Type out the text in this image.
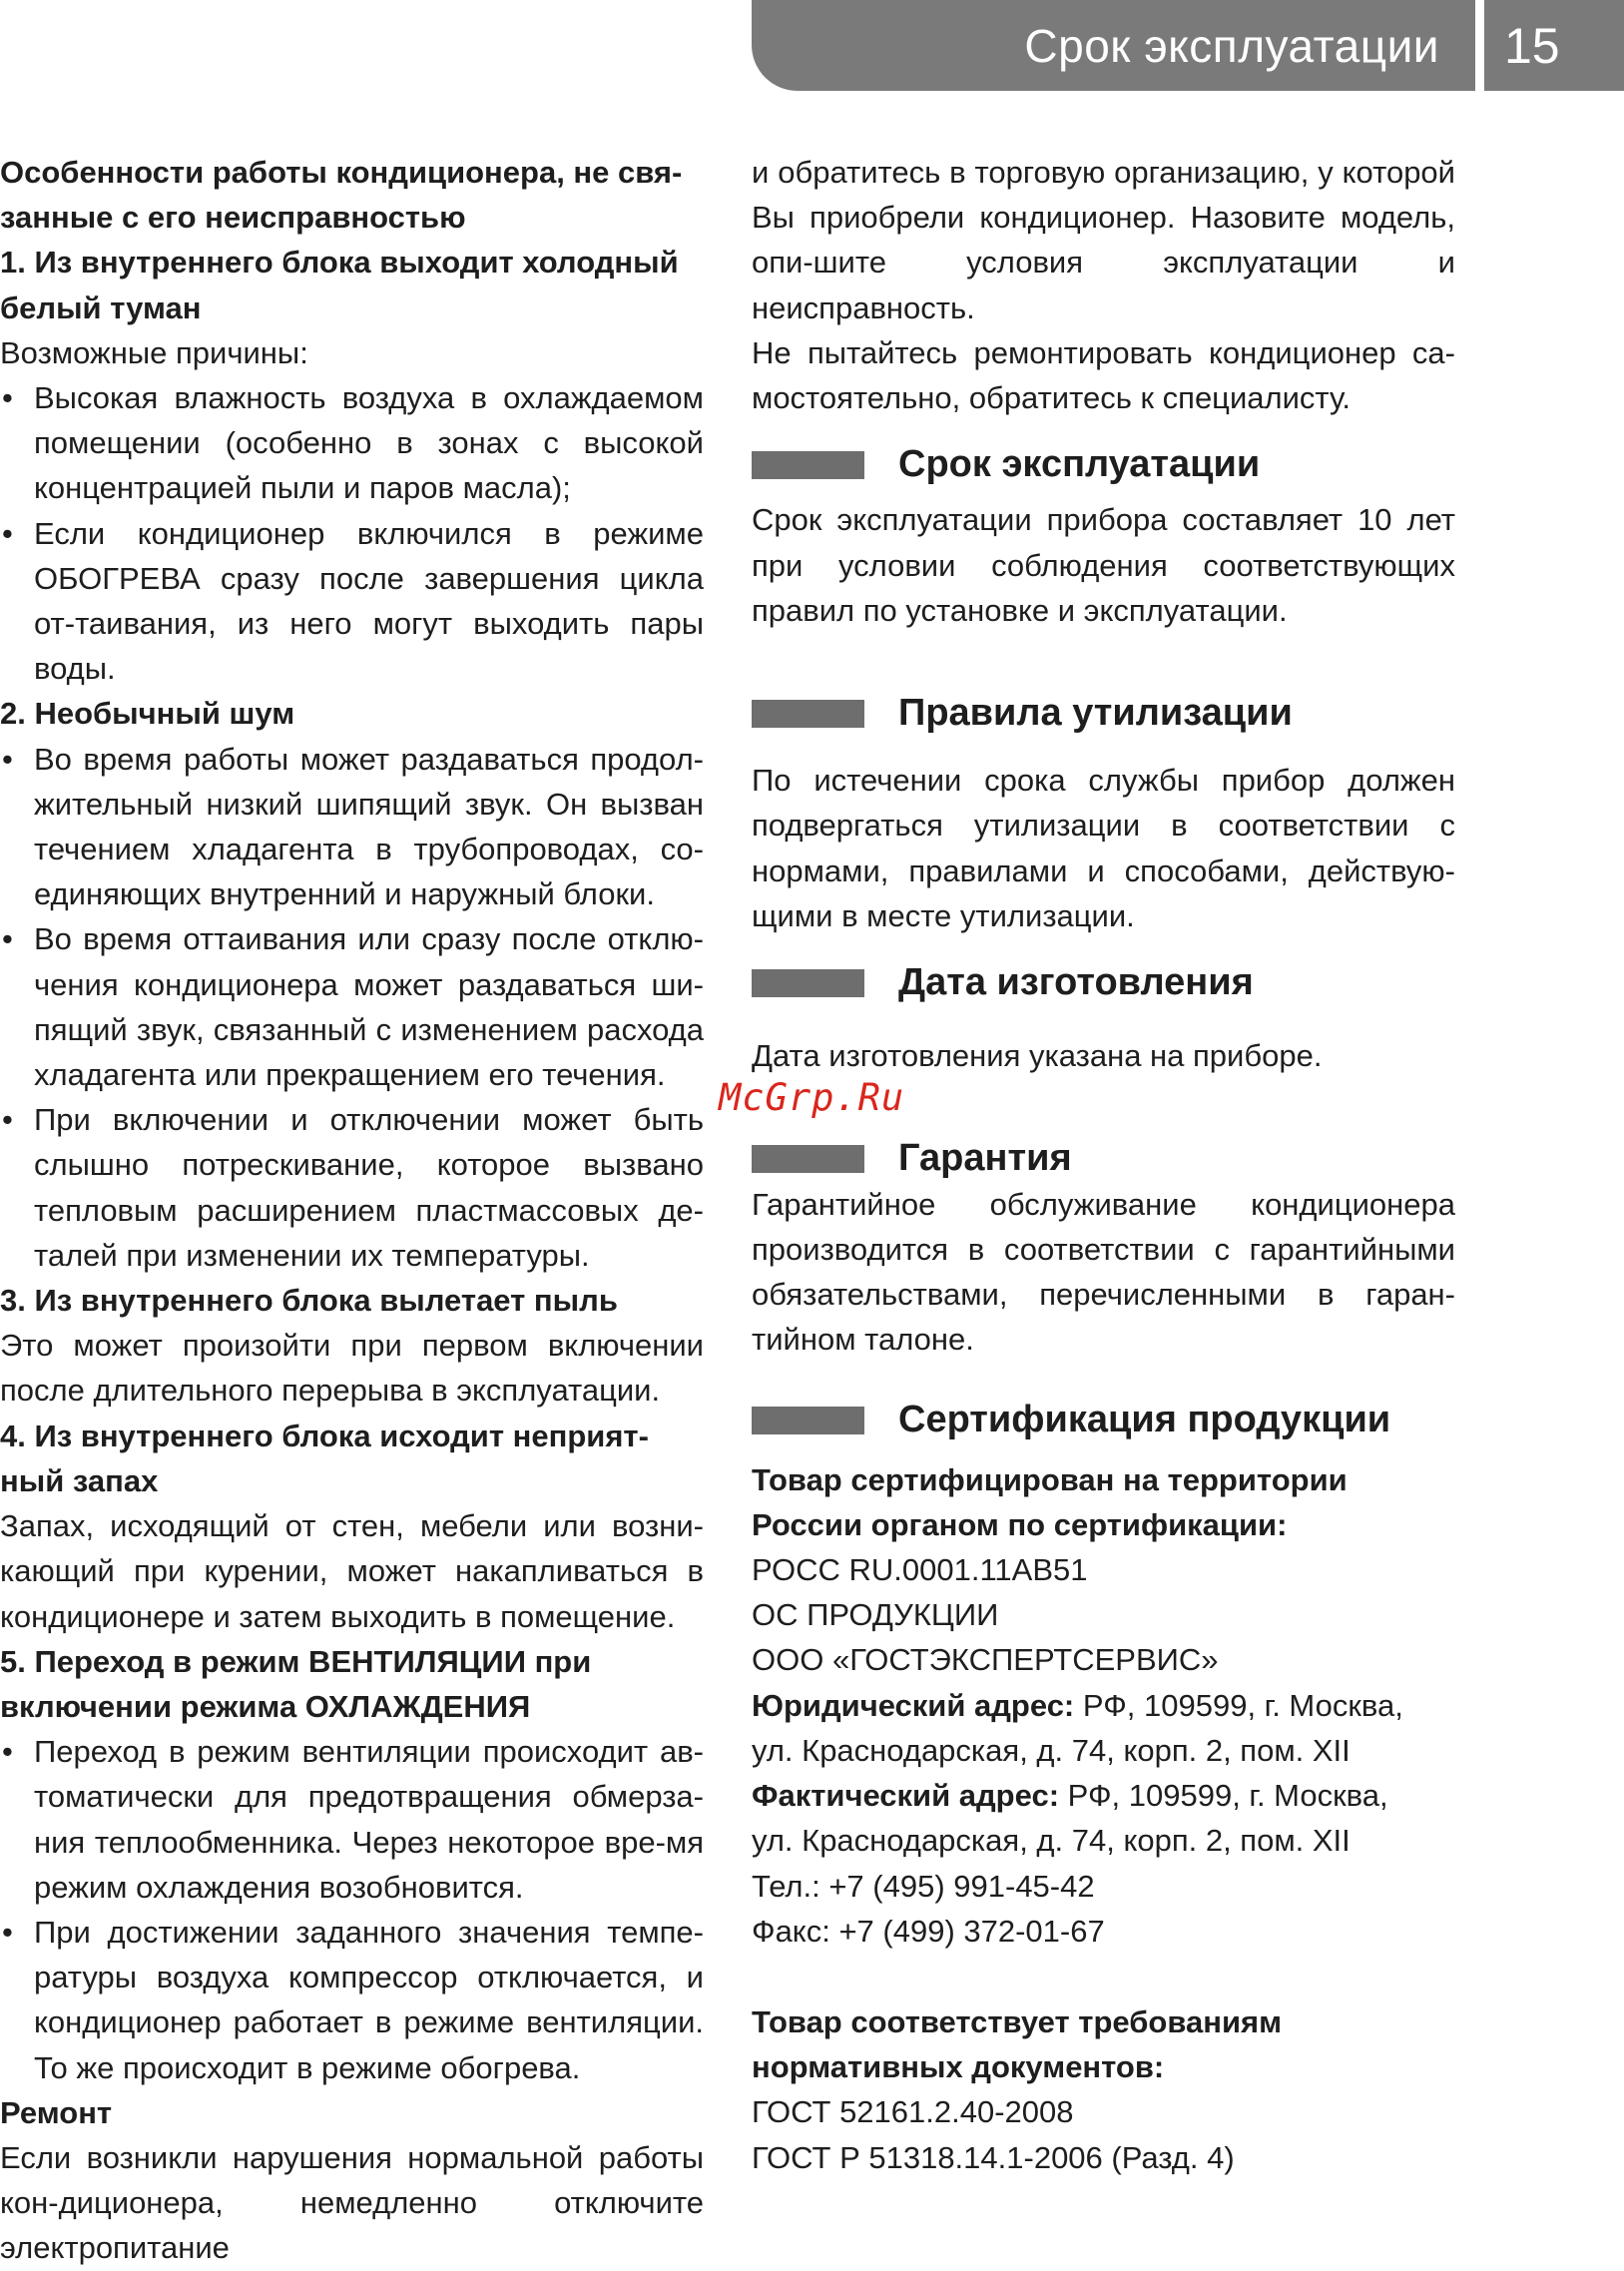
Срок эксплуатации	15

Особенности работы кондиционера, не свя-

занные с его неисправностью

1. Из внутреннего блока выходит холодный

белый туман

Возможные причины:

• Высокая влажность воздуха в охлаждаемом помещении (особенно в зонах с высокой концентрацией пыли и паров масла);

• Если кондиционер включился в режиме ОБОГРЕВА сразу после завершения цикла от-таивания, из него могут выходить пары воды.

2. Необычный шум

• Во время работы может раздаваться продол-жительный низкий шипящий звук. Он вызван течением хладагента в трубопроводах, со-единяющих внутренний и наружный блоки.

• Во время оттаивания или сразу после отклю-чения кондиционера может раздаваться ши-пящий звук, связанный с изменением расхода хладагента или прекращением его течения.

• При включении и отключении может быть слышно потрескивание, которое вызвано тепловым расширением пластмассовых де-талей при изменении их температуры.

3. Из внутреннего блока вылетает пыль

Это может произойти при первом включении после длительного перерыва в эксплуатации.

4. Из внутреннего блока исходит неприят-

ный запах

Запах, исходящий от стен, мебели или возни-кающий при курении, может накапливаться в кондиционере и затем выходить в помещение.

5. Переход в режим ВЕНТИЛЯЦИИ при

включении режима ОХЛАЖДЕНИЯ

• Переход в режим вентиляции происходит ав-томатически для предотвращения обмерза-ния теплообменника. Через некоторое вре-мя режим охлаждения возобновится.

• При достижении заданного значения темпе-ратуры воздуха компрессор отключается, и кондиционер работает в режиме вентиляции. То же происходит в режиме обогрева.

Ремонт

Если возникли нарушения нормальной работы кон-диционера, немедленно отключите электропитание

и обратитесь в торговую организацию, у которой Вы приобрели кондиционер. Назовите модель, опи-шите условия эксплуатации и неисправность.

Не пытайтесь ремонтировать кондиционер са-мостоятельно, обратитесь к специалисту.

Срок эксплуатации

Срок эксплуатации прибора составляет 10 лет при условии соблюдения соответствующих правил по установке и эксплуатации.

Правила утилизации

По истечении срока службы прибор должен подвергаться утилизации в соответствии с нормами, правилами и способами, действую-щими в месте утилизации.

Дата изготовления

Дата изготовления указана на приборе.

Гарантия

Гарантийное обслуживание кондиционера производится в соответствии с гарантийными обязательствами, перечисленными в гаран-тийном талоне.

Сертификация продукции

Товар сертифицирован на территории

России органом по сертификации:

РОСС RU.0001.11АВ51

ОС ПРОДУКЦИИ

ООО «ГОСТЭКСПЕРТСЕРВИС»

Юридический адрес: РФ, 109599, г. Москва,

ул. Краснодарская, д. 74, корп. 2, пом. XII

Фактический адрес: РФ, 109599, г. Москва,

ул. Краснодарская, д. 74, корп. 2, пом. XII

Тел.: +7 (495) 991-45-42

Факс: +7 (499) 372-01-67

Товар соответствует требованиям

нормативных документов:

ГОСТ 52161.2.40-2008

ГОСТ Р 51318.14.1-2006 (Разд. 4)

McGrp.Ru
